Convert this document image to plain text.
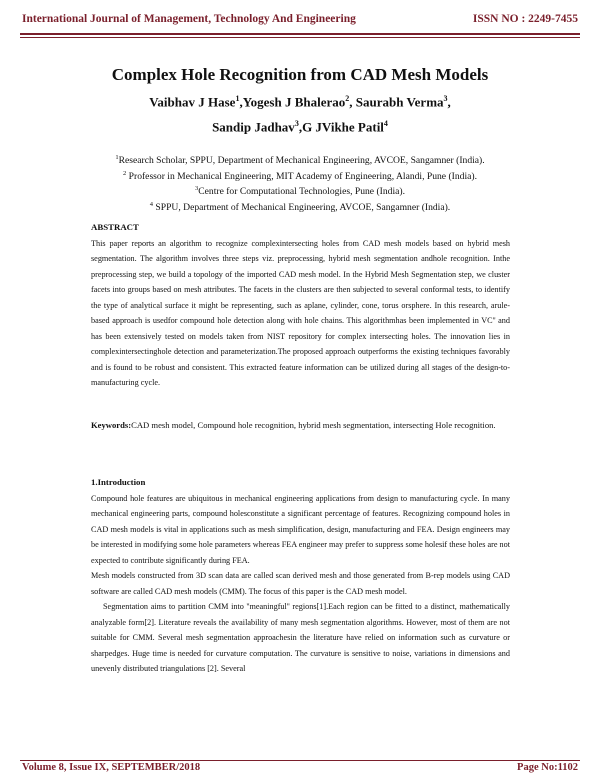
International Journal of Management, Technology And Engineering	ISSN NO : 2249-7455
Complex Hole Recognition from CAD Mesh Models
Vaibhav J Hase$^1$,Yogesh J Bhalerao$^2$, Saurabh Verma$^3$,
Sandip Jadhav$^3$,G JVikhe Patil$^4$
$^1$Research Scholar, SPPU, Department of Mechanical Engineering, AVCOE, Sangamner (India).
$^2$ Professor in Mechanical Engineering, MIT Academy of Engineering, Alandi, Pune (India).
$^3$Centre for Computational Technologies, Pune (India).
$^4$ SPPU, Department of Mechanical Engineering, AVCOE, Sangamner (India).
ABSTRACT

This paper reports an algorithm to recognize complexintersecting holes from CAD mesh models based on hybrid mesh segmentation. The algorithm involves three steps viz. preprocessing, hybrid mesh segmentation andhole recognition. Inthe preprocessing step, we build a topology of the imported CAD mesh model. In the Hybrid Mesh Segmentation step, we cluster facets into groups based on mesh attributes. The facets in the clusters are then subjected to several conformal tests, to identify the type of analytical surface it might be representing, such as aplane, cylinder, cone, torus orsphere. In this research, arule-based approach is usedfor compound hole detection along with hole chains. This algorithmhas been implemented in VC'' and has been extensively tested on models taken from NIST repository for complex intersecting holes. The innovation lies in complexintersectinghole detection and parameterization.The proposed approach outperforms the existing techniques favorably and is found to be robust and consistent. This extracted feature information can be utilized during all stages of the design-to-manufacturing cycle.

Keywords:CAD mesh model, Compound hole recognition, hybrid mesh segmentation, intersecting Hole recognition.
1.Introduction

Compound hole features are ubiquitous in mechanical engineering applications from design to manufacturing cycle. In many mechanical engineering parts, compound holesconstitute a significant percentage of features. Recognizing compound holes in CAD mesh models is vital in applications such as mesh simplification, design, manufacturing and FEA. Design engineers may be interested in modifying some hole parameters whereas FEA engineer may prefer to suppress some holesif these holes are not expected to contribute significantly during FEA.

Mesh models constructed from 3D scan data are called scan derived mesh and those generated from B-rep models using CAD software are called CAD mesh models (CMM). The focus of this paper is the CAD mesh model.

Segmentation aims to partition CMM into ''meaningful'' regions[1].Each region can be fitted to a distinct, mathematically analyzable form[2]. Literature reveals the availability of many mesh segmentation algorithms. However, most of them are not suitable for CMM. Several mesh segmentation approachesin the literature have relied on information such as curvature or sharpedges. Huge time is needed for curvature computation. The curvature is sensitive to noise, variations in dimensions and unevenly distributed triangulations [2]. Several

Volume 8, Issue IX, SEPTEMBER/2018	Page No:1102
